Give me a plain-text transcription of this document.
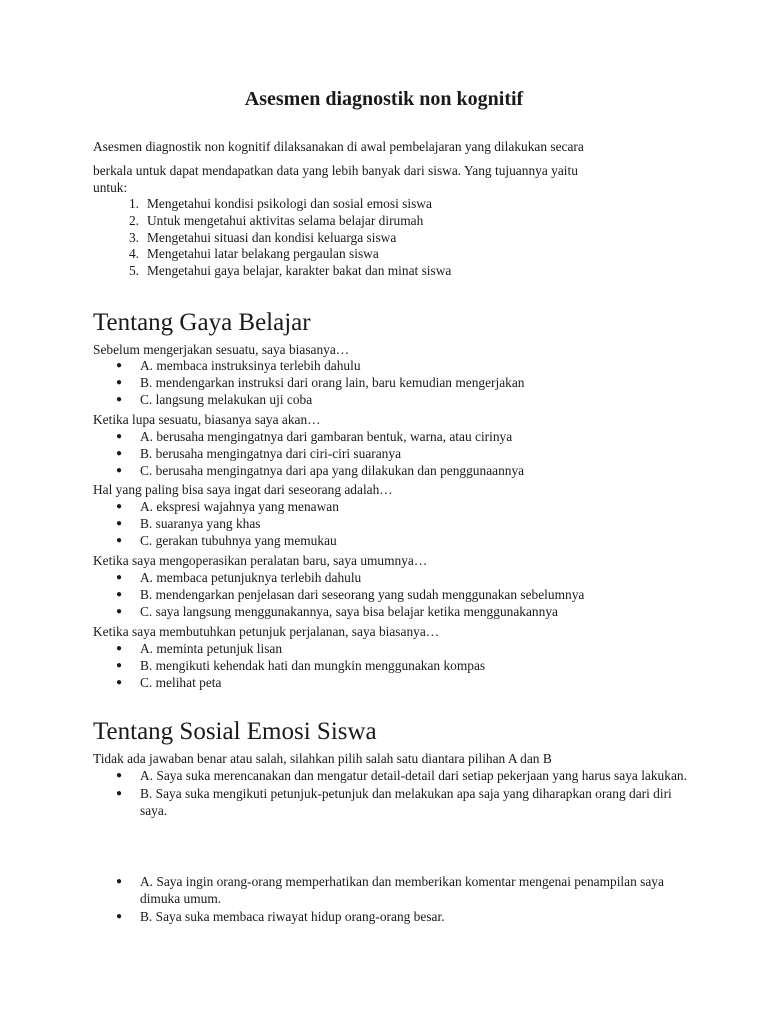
Asesmen diagnostik non kognitif
Asesmen diagnostik non kognitif dilaksanakan di awal pembelajaran yang dilakukan secara
berkala untuk dapat mendapatkan data yang lebih banyak dari siswa. Yang tujuannya yaitu
untuk:
1. Mengetahui kondisi psikologi dan sosial emosi siswa
2. Untuk mengetahui aktivitas selama belajar dirumah
3. Mengetahui situasi dan kondisi keluarga siswa
4. Mengetahui latar belakang pergaulan siswa
5. Mengetahui gaya belajar, karakter bakat dan minat siswa
Tentang Gaya Belajar
Sebelum mengerjakan sesuatu, saya biasanya…
● A. membaca instruksinya terlebih dahulu
● B. mendengarkan instruksi dari orang lain, baru kemudian mengerjakan
● C. langsung melakukan uji coba
Ketika lupa sesuatu, biasanya saya akan…
● A. berusaha mengingatnya dari gambaran bentuk, warna, atau cirinya
● B. berusaha mengingatnya dari ciri-ciri suaranya
● C. berusaha mengingatnya dari apa yang dilakukan dan penggunaannya
Hal yang paling bisa saya ingat dari seseorang adalah…
● A. ekspresi wajahnya yang menawan
● B. suaranya yang khas
● C. gerakan tubuhnya yang memukau
Ketika saya mengoperasikan peralatan baru, saya umumnya…
● A. membaca petunjuknya terlebih dahulu
● B. mendengarkan penjelasan dari seseorang yang sudah menggunakan sebelumnya
● C. saya langsung menggunakannya, saya bisa belajar ketika menggunakannya
Ketika saya membutuhkan petunjuk perjalanan, saya biasanya…
● A. meminta petunjuk lisan
● B. mengikuti kehendak hati dan mungkin menggunakan kompas
● C. melihat peta
Tentang Sosial Emosi Siswa
Tidak ada jawaban benar atau salah, silahkan pilih salah satu diantara pilihan A dan B
● A. Saya suka merencanakan dan mengatur detail-detail dari setiap pekerjaan yang harus saya lakukan.
● B. Saya suka mengikuti petunjuk-petunjuk dan melakukan apa saja yang diharapkan orang dari diri saya.
● A. Saya ingin orang-orang memperhatikan dan memberikan komentar mengenai penampilan saya dimuka umum.
● B. Saya suka membaca riwayat hidup orang-orang besar.
